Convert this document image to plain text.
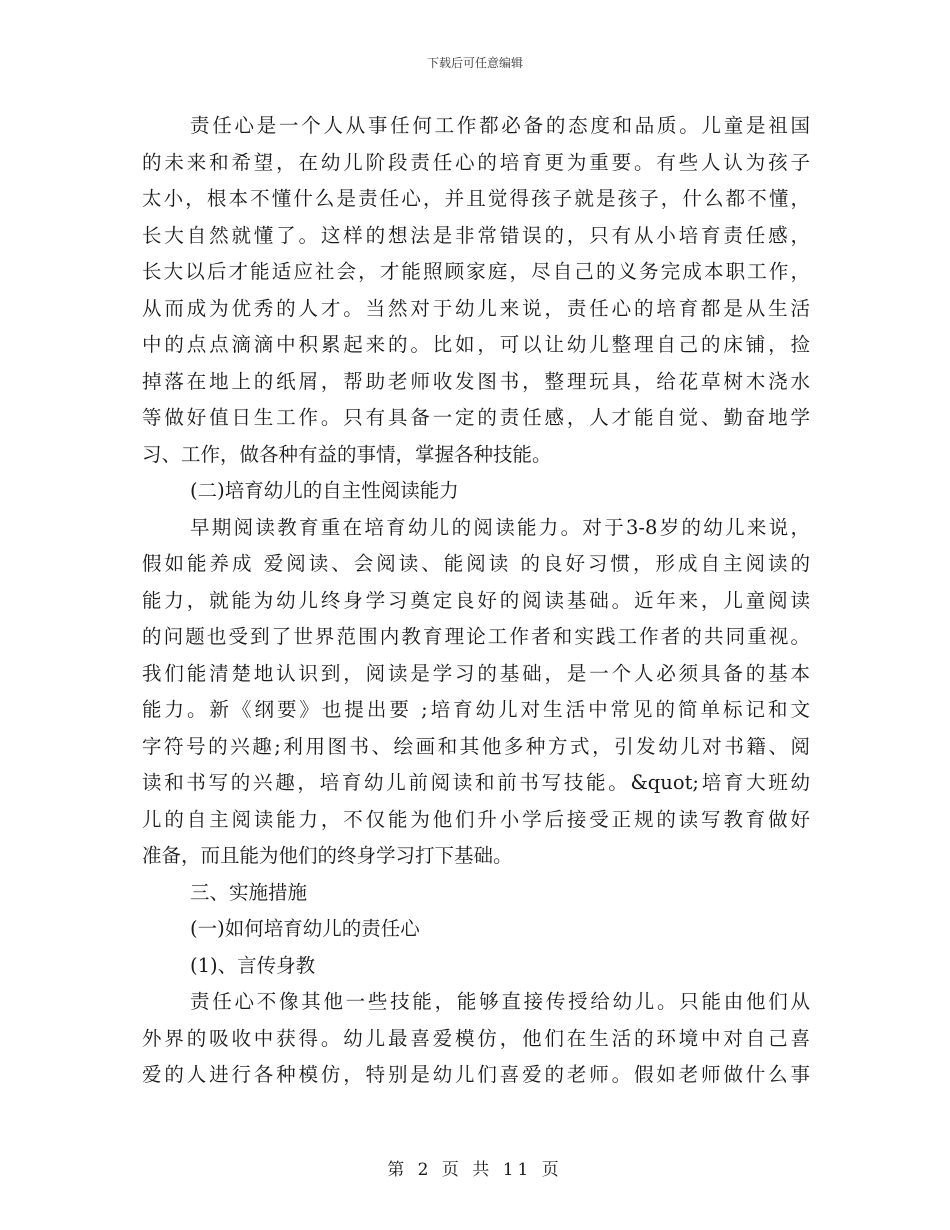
下载后可任意编辑
责任心是一个人从事任何工作都必备的态度和品质。儿童是祖国
的未来和希望，在幼儿阶段责任心的培育更为重要。有些人认为孩子
太小，根本不懂什么是责任心，并且觉得孩子就是孩子，什么都不懂，
长大自然就懂了。这样的想法是非常错误的，只有从小培育责任感，
长大以后才能适应社会，才能照顾家庭，尽自己的义务完成本职工作，
从而成为优秀的人才。当然对于幼儿来说，责任心的培育都是从生活
中的点点滴滴中积累起来的。比如，可以让幼儿整理自己的床铺，捡
掉落在地上的纸屑，帮助老师收发图书，整理玩具，给花草树木浇水
等做好值日生工作。只有具备一定的责任感，人才能自觉、勤奋地学
习、工作，做各种有益的事情，掌握各种技能。
(二)培育幼儿的自主性阅读能力
早期阅读教育重在培育幼儿的阅读能力。对于3-8岁的幼儿来说，
假如能养成 爱阅读、会阅读、能阅读 的良好习惯，形成自主阅读的
能力，就能为幼儿终身学习奠定良好的阅读基础。近年来，儿童阅读
的问题也受到了世界范围内教育理论工作者和实践工作者的共同重视。
我们能清楚地认识到，阅读是学习的基础，是一个人必须具备的基本
能力。新《纲要》也提出要 ;培育幼儿对生活中常见的简单标记和文
字符号的兴趣;利用图书、绘画和其他多种方式，引发幼儿对书籍、阅
读和书写的兴趣，培育幼儿前阅读和前书写技能。&quot;培育大班幼
儿的自主阅读能力，不仅能为他们升小学后接受正规的读写教育做好
准备，而且能为他们的终身学习打下基础。
三、实施措施
(一)如何培育幼儿的责任心
(1)、言传身教
责任心不像其他一些技能，能够直接传授给幼儿。只能由他们从
外界的吸收中获得。幼儿最喜爱模仿，他们在生活的环境中对自己喜
爱的人进行各种模仿，特别是幼儿们喜爱的老师。假如老师做什么事
第 2 页 共 11 页
